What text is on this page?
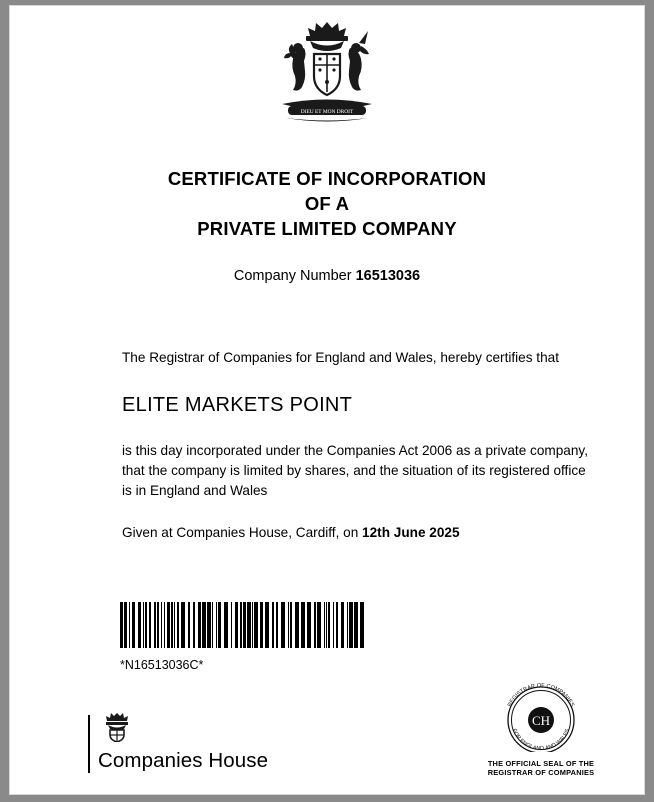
DIEU ET MON DROIT
CERTIFICATE OF INCORPORATION
OF A
PRIVATE LIMITED COMPANY
Company Number 16513036
The Registrar of Companies for England and Wales, hereby certifies that
ELITE MARKETS POINT
is this day incorporated under the Companies Act 2006 as a private company, that the company is limited by shares, and the situation of its registered office is in England and Wales
Given at Companies House, Cardiff, on 12th June 2025
*N16513036C*
Companies House
CH
REGISTRAR OF COMPANIES
FOR ENGLAND AND WALES
THE OFFICIAL SEAL OF THE
REGISTRAR OF COMPANIES
